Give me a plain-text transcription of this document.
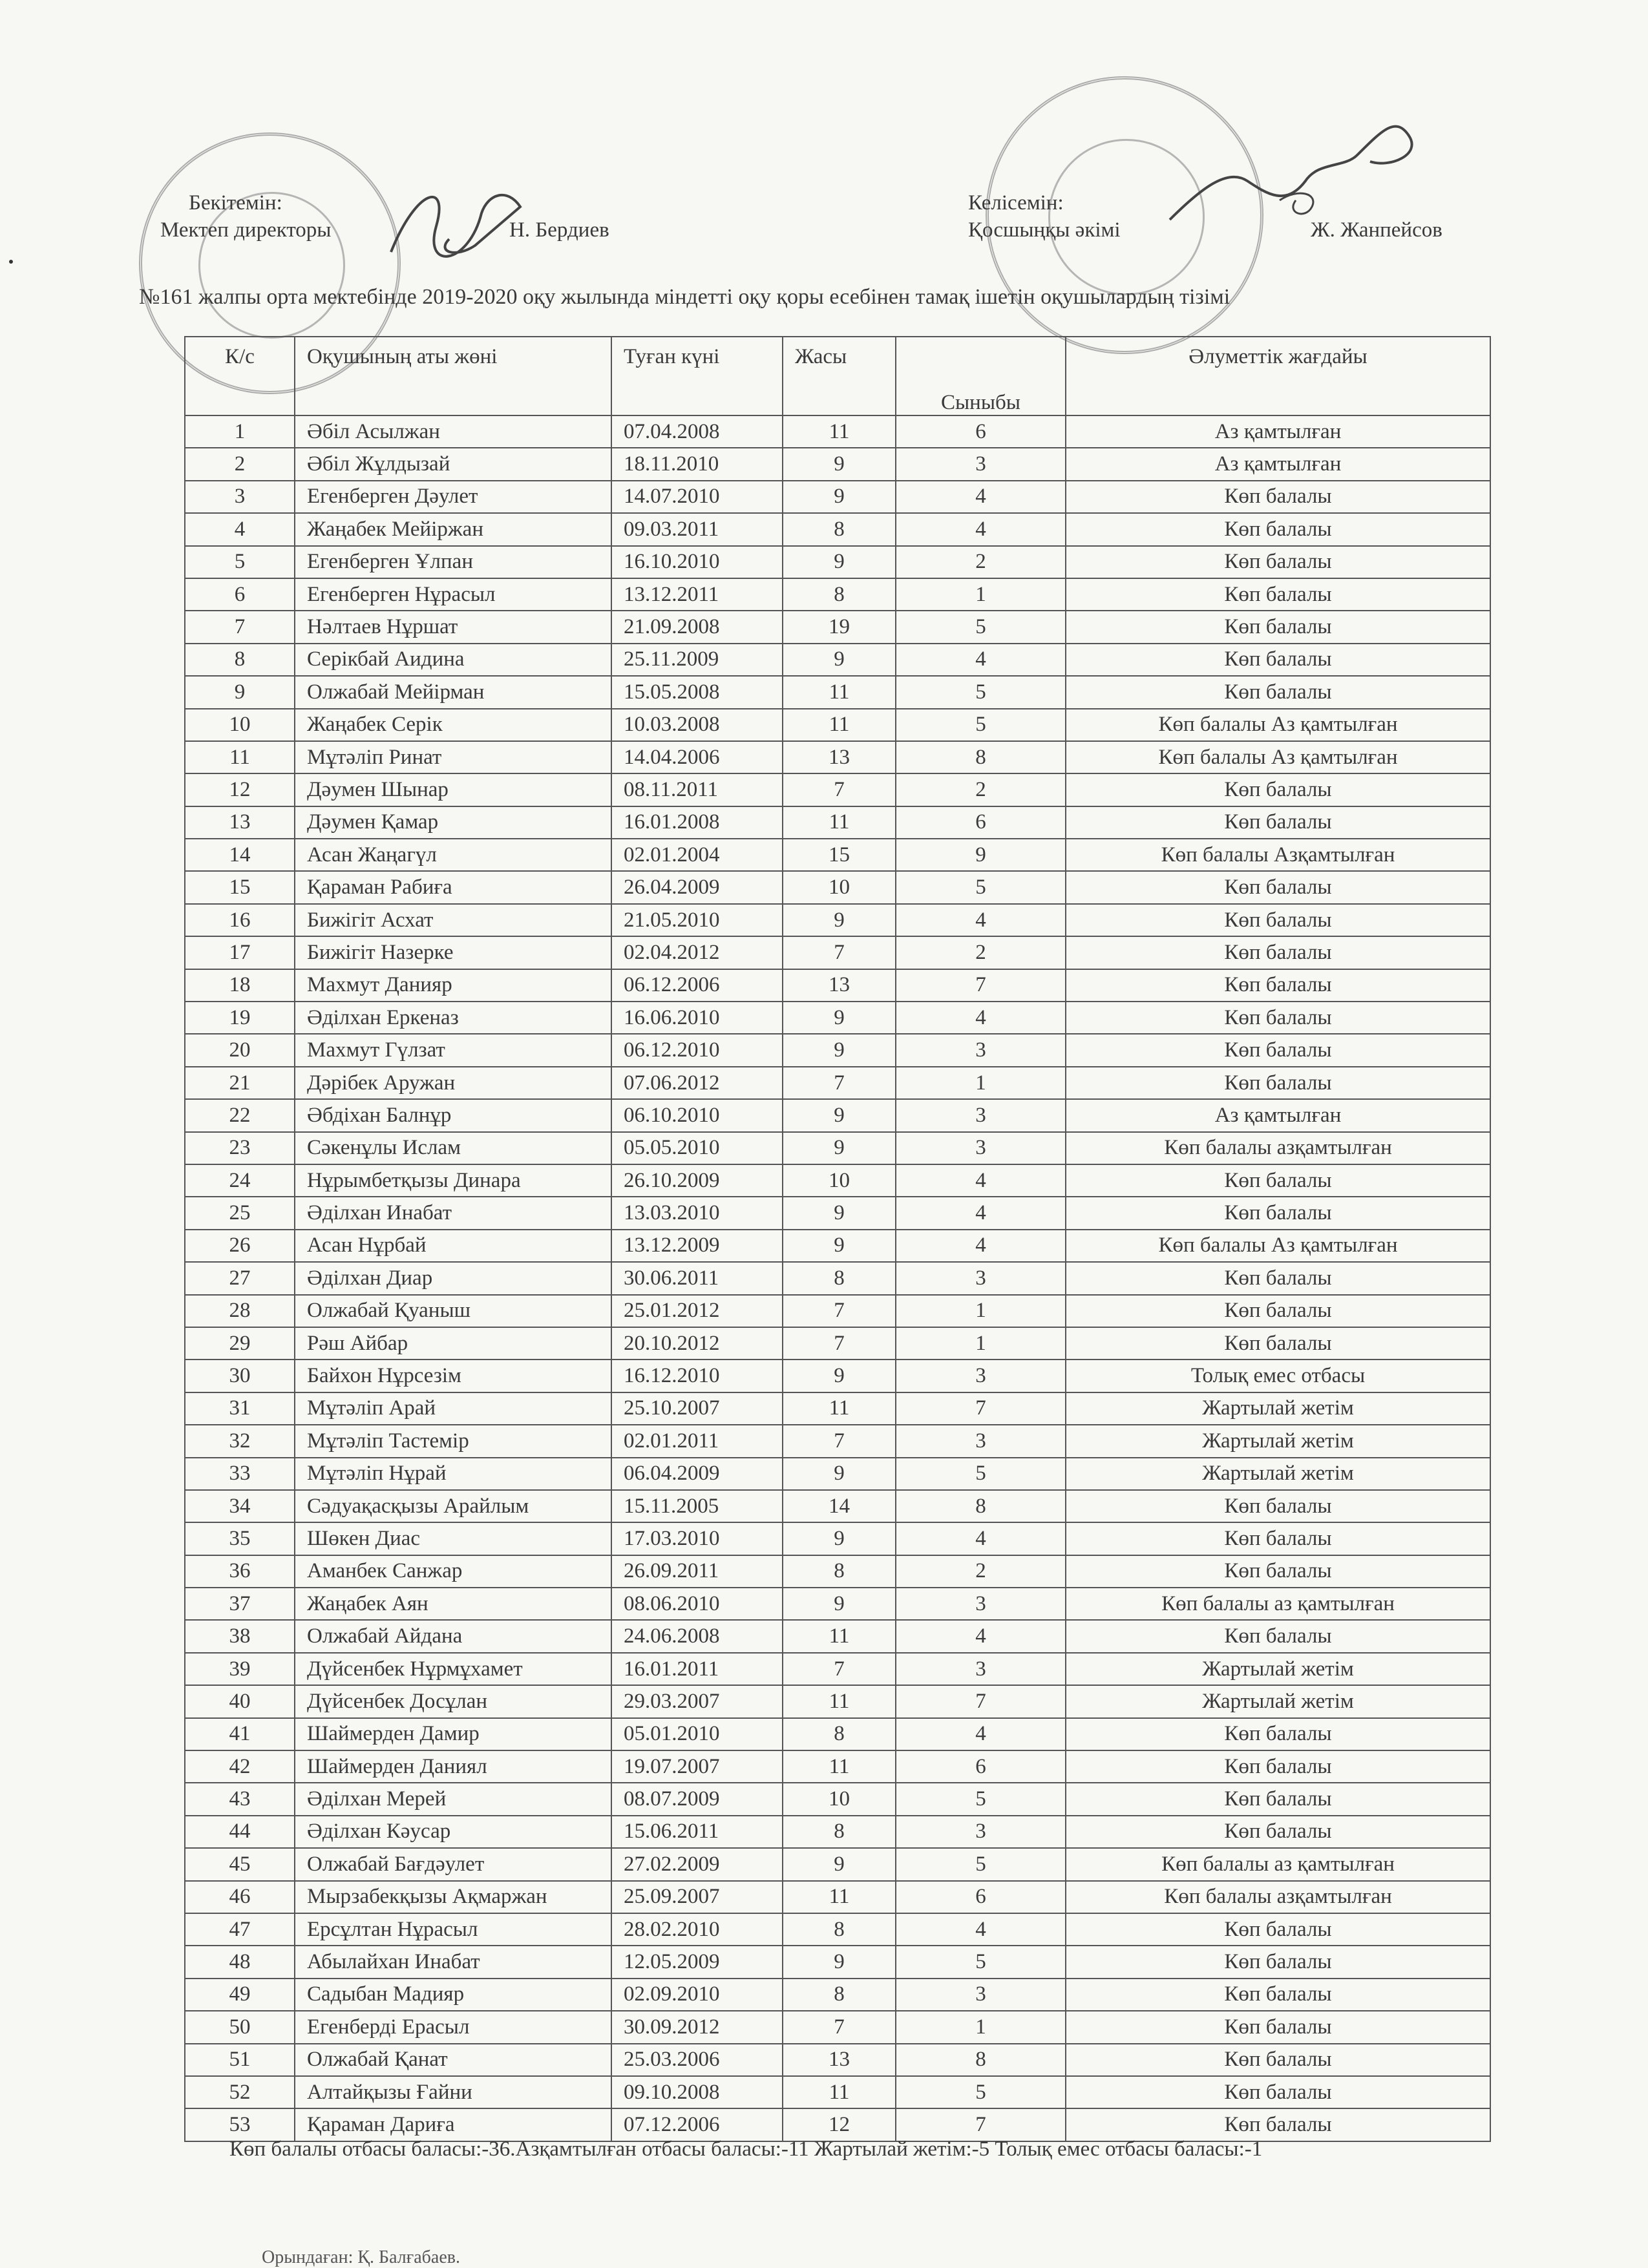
Бекітемін:
Мектеп директоры	Н. Бердиев
Келісемін:
Қосшыңқы әкімі	Ж. Жанпейсов
№161 жалпы орта мектебінде 2019-2020 оқу жылында міндетті оқу қоры есебінен тамақ ішетін оқушылардың тізімі
К/с	Оқушының аты жөні	Туған күні	Жасы	Сыныбы	Әлуметтік жағдайы
1	Әбіл Асылжан	07.04.2008	11	6	Аз қамтылған
2	Әбіл Жұлдызай	18.11.2010	9	3	Аз қамтылған
3	Егенберген Дәулет	14.07.2010	9	4	Көп балалы
4	Жаңабек Мейіржан	09.03.2011	8	4	Көп балалы
5	Егенберген Ұлпан	16.10.2010	9	2	Көп балалы
6	Егенберген Нұрасыл	13.12.2011	8	1	Көп балалы
7	Нәлтаев Нұршат	21.09.2008	19	5	Көп балалы
8	Серікбай Аидина	25.11.2009	9	4	Көп балалы
9	Олжабай Мейірман	15.05.2008	11	5	Көп балалы
10	Жаңабек Серік	10.03.2008	11	5	Көп балалы Аз қамтылған
11	Мұтәліп Ринат	14.04.2006	13	8	Көп балалы Аз қамтылған
12	Дәумен Шынар	08.11.2011	7	2	Көп балалы
13	Дәумен Қамар	16.01.2008	11	6	Көп балалы
14	Асан Жаңагүл	02.01.2004	15	9	Көп балалы Азқамтылған
15	Қараман Рабиға	26.04.2009	10	5	Көп балалы
16	Бижігіт Асхат	21.05.2010	9	4	Көп балалы
17	Бижігіт Назерке	02.04.2012	7	2	Көп балалы
18	Махмут Данияр	06.12.2006	13	7	Көп балалы
19	Әділхан Еркеназ	16.06.2010	9	4	Көп балалы
20	Махмут Гүлзат	06.12.2010	9	3	Көп балалы
21	Дәрібек Аружан	07.06.2012	7	1	Көп балалы
22	Әбдіхан Балнұр	06.10.2010	9	3	Аз қамтылған
23	Сәкенұлы Ислам	05.05.2010	9	3	Көп балалы азқамтылған
24	Нұрымбетқызы Динара	26.10.2009	10	4	Көп балалы
25	Әділхан Инабат	13.03.2010	9	4	Көп балалы
26	Асан Нұрбай	13.12.2009	9	4	Көп балалы Аз қамтылған
27	Әділхан Диар	30.06.2011	8	3	Көп балалы
28	Олжабай Қуаныш	25.01.2012	7	1	Көп балалы
29	Рәш Айбар	20.10.2012	7	1	Көп балалы
30	Байхон Нұрсезім	16.12.2010	9	3	Толық емес отбасы
31	Мұтәліп Арай	25.10.2007	11	7	Жартылай жетім
32	Мұтәліп Тастемір	02.01.2011	7	3	Жартылай жетім
33	Мұтәліп Нұрай	06.04.2009	9	5	Жартылай жетім
34	Сәдуақасқызы Арайлым	15.11.2005	14	8	Көп балалы
35	Шөкен Диас	17.03.2010	9	4	Көп балалы
36	Аманбек Санжар	26.09.2011	8	2	Көп балалы
37	Жаңабек Аян	08.06.2010	9	3	Көп балалы аз қамтылған
38	Олжабай Айдана	24.06.2008	11	4	Көп балалы
39	Дүйсенбек Нұрмұхамет	16.01.2011	7	3	Жартылай жетім
40	Дүйсенбек Досұлан	29.03.2007	11	7	Жартылай жетім
41	Шаймерден Дамир	05.01.2010	8	4	Көп балалы
42	Шаймерден Даниял	19.07.2007	11	6	Көп балалы
43	Әділхан Мерей	08.07.2009	10	5	Көп балалы
44	Әділхан Кәусар	15.06.2011	8	3	Көп балалы
45	Олжабай Бағдәулет	27.02.2009	9	5	Көп балалы аз қамтылған
46	Мырзабекқызы Ақмаржан	25.09.2007	11	6	Көп балалы азқамтылған
47	Ерсұлтан Нұрасыл	28.02.2010	8	4	Көп балалы
48	Абылайхан Инабат	12.05.2009	9	5	Көп балалы
49	Садыбан Мадияр	02.09.2010	8	3	Көп балалы
50	Егенберді Ерасыл	30.09.2012	7	1	Көп балалы
51	Олжабай Қанат	25.03.2006	13	8	Көп балалы
52	Алтайқызы Ғайни	09.10.2008	11	5	Көп балалы
53	Қараман Дариға	07.12.2006	12	7	Көп балалы
Көп балалы отбасы баласы:-36.Азқамтылған отбасы баласы:-11 Жартылай жетім:-5 Толық емес отбасы баласы:-1
Орындаған: Қ. Балғабаев.
